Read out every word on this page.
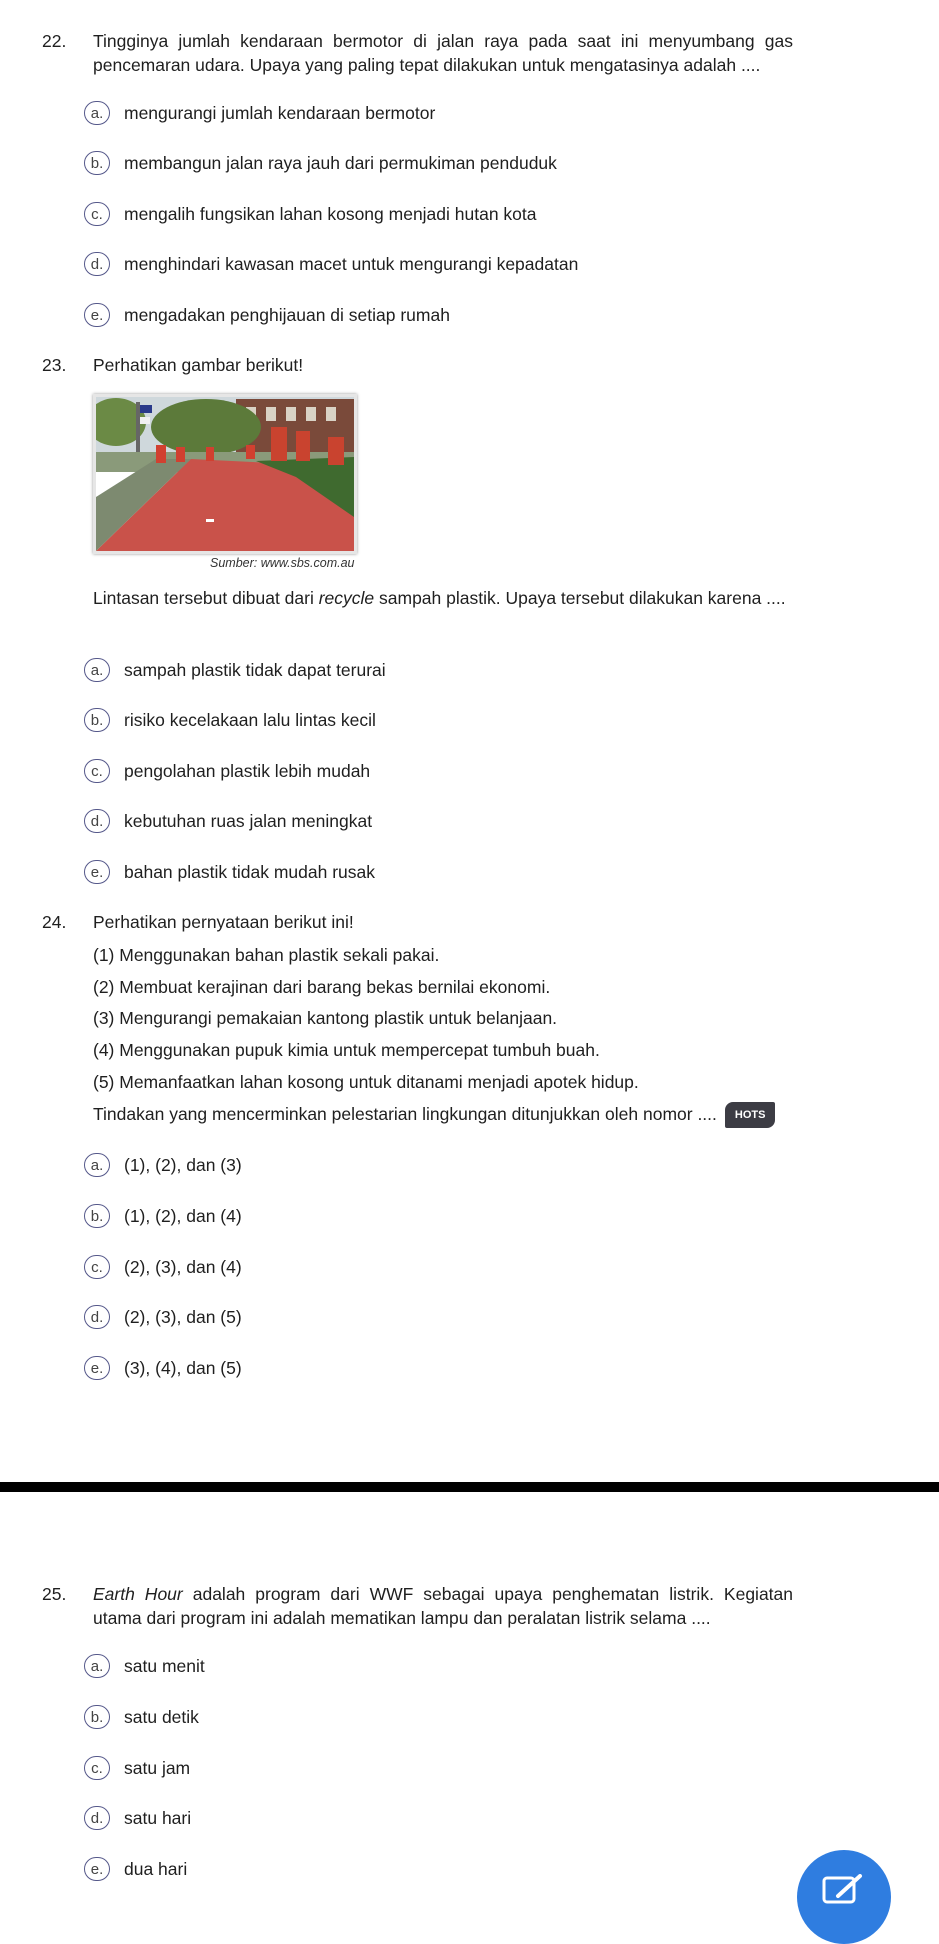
22. Tingginya jumlah kendaraan bermotor di jalan raya pada saat ini menyumbang gas pencemaran udara. Upaya yang paling tepat dilakukan untuk mengatasinya adalah ....
a.	mengurangi jumlah kendaraan bermotor
b.	membangun jalan raya jauh dari permukiman penduduk
c.	mengalih fungsikan lahan kosong menjadi hutan kota
d.	menghindari kawasan macet untuk mengurangi kepadatan
e.	mengadakan penghijauan di setiap rumah
23. Perhatikan gambar berikut!
Sumber: www.sbs.com.au
Lintasan tersebut dibuat dari recycle sampah plastik. Upaya tersebut dilakukan karena ....
a.	sampah plastik tidak dapat terurai
b.	risiko kecelakaan lalu lintas kecil
c.	pengolahan plastik lebih mudah
d.	kebutuhan ruas jalan meningkat
e.	bahan plastik tidak mudah rusak
24. Perhatikan pernyataan berikut ini!
(1) Menggunakan bahan plastik sekali pakai.
(2) Membuat kerajinan dari barang bekas bernilai ekonomi.
(3) Mengurangi pemakaian kantong plastik untuk belanjaan.
(4) Menggunakan pupuk kimia untuk mempercepat tumbuh buah.
(5) Memanfaatkan lahan kosong untuk ditanami menjadi apotek hidup.
Tindakan yang mencerminkan pelestarian lingkungan ditunjukkan oleh nomor .... HOTS
a.	(1), (2), dan (3)
b.	(1), (2), dan (4)
c.	(2), (3), dan (4)
d.	(2), (3), dan (5)
e.	(3), (4), dan (5)
25. Earth Hour adalah program dari WWF sebagai upaya penghematan listrik. Kegiatan utama dari program ini adalah mematikan lampu dan peralatan listrik selama ....
a.	satu menit
b.	satu detik
c.	satu jam
d.	satu hari
e.	dua hari
